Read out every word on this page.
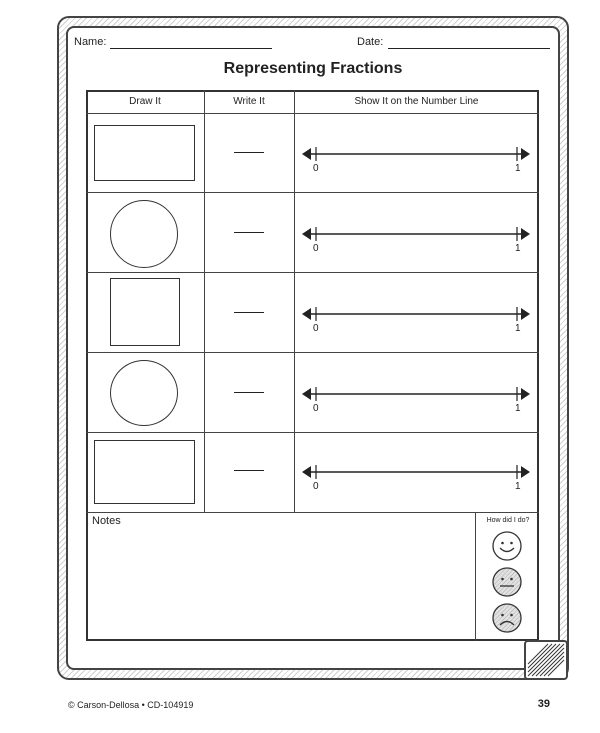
Name:	Date:
Representing Fractions
Draw It	Write It	Show It on the Number Line
0	1
0	1
0	1
0	1
0	1
Notes	How did I do?
© Carson-Dellosa • CD-104919	39
